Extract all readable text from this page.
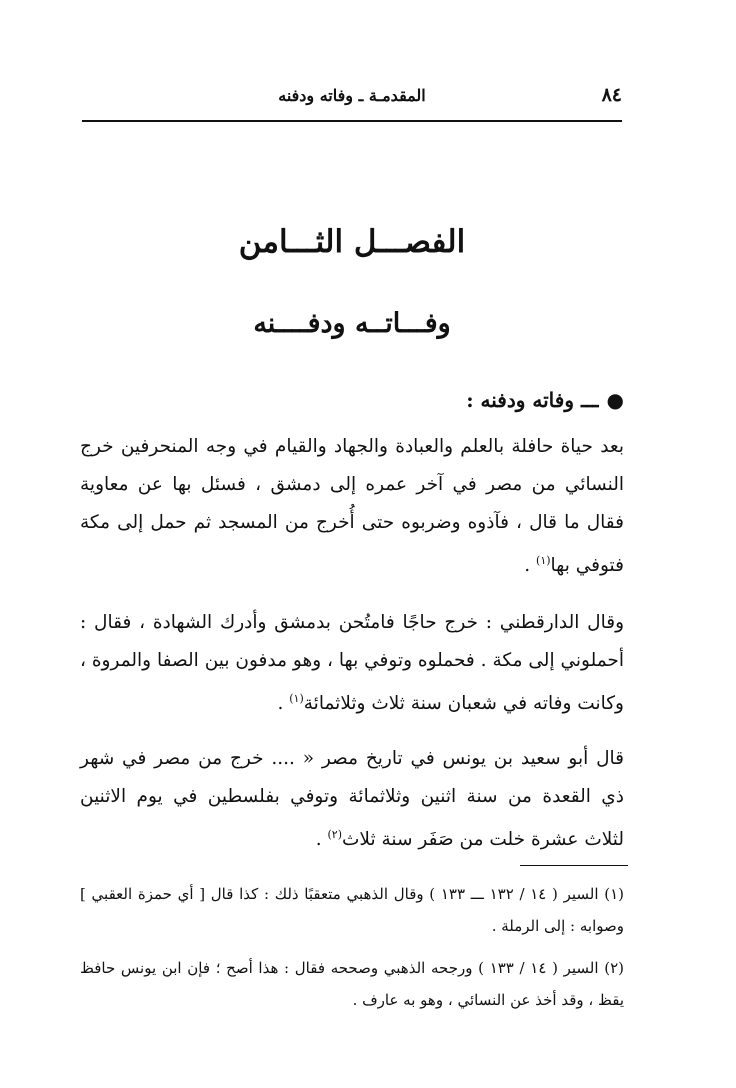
٨٤
المقدمـة ـ وفاته ودفنه
الفصـــل الثـــامن
وفـــاتــه ودفــــنه
●ـــ وفاته ودفنه :
بعد حياة حافلة بالعلم والعبادة والجهاد والقيام في وجه المنحرفين خرج النسائي من مصر في آخر عمره إلى دمشق ، فسئل بها عن معاوية فقال ما قال ، فآذوه وضربوه حتى أُخرج من المسجد ثم حمل إلى مكة فتوفي بها$^{(١)}$ .
وقال الدارقطني : خرج حاجًا فامتُحن بدمشق وأدرك الشهادة ، فقال : أحملوني إلى مكة . فحملوه وتوفي بها ، وهو مدفون بين الصفا والمروة ، وكانت وفاته في شعبان سنة ثلاث وثلاثمائة$^{(١)}$ .
قال أبو سعيد بن يونس في تاريخ مصر « .... خرج من مصر في شهر ذي القعدة من سنة اثنين وثلاثمائة وتوفي بفلسطين في يوم الاثنين لثلاث عشرة خلت من صَفَر سنة ثلاث$^{(٢)}$ .
(١) السير ( ١٤ / ١٣٢ ـــ ١٣٣ ) وقال الذهبي متعقبًا ذلك : كذا قال [ أي حمزة العقبي ] وصوابه : إلى الرملة .
(٢) السير ( ١٤ / ١٣٣ ) ورجحه الذهبي وصححه فقال : هذا أصح ؛ فإن ابن يونس حافظ يقظ ، وقد أخذ عن النسائي ، وهو به عارف .
